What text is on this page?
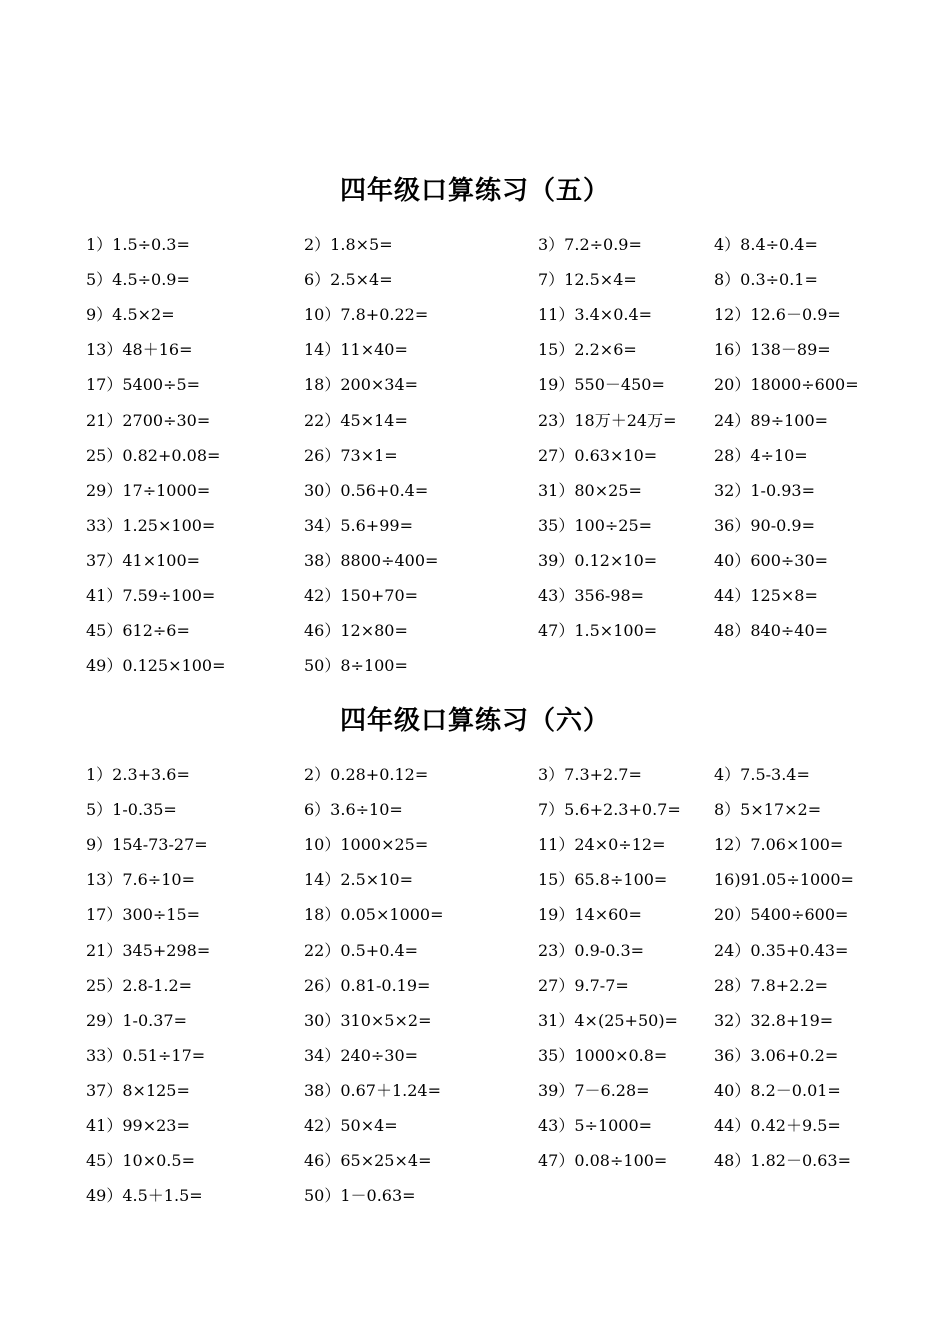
四年级口算练习（五）
1）1.5÷0.3=	2）1.8×5=	3）7.2÷0.9=	4）8.4÷0.4=
5）4.5÷0.9=	6）2.5×4=	7）12.5×4=	8）0.3÷0.1=
9）4.5×2=	10）7.8+0.22=	11）3.4×0.4=	12）12.6－0.9=
13）48＋16=	14）11×40=	15）2.2×6=	16）138－89=
17）5400÷5=	18）200×34=	19）550－450=	20）18000÷600=
21）2700÷30=	22）45×14=	23）18万＋24万= 24）89÷100=
25）0.82+0.08=	26）73×1=	27）0.63×10=	28）4÷10=
29）17÷1000=	30）0.56+0.4=	31）80×25=	32）1-0.93=
33）1.25×100=	34）5.6+99=	35）100÷25=	36）90-0.9=
37）41×100=	38）8800÷400=	39）0.12×10=	40）600÷30=
41）7.59÷100=	42）150+70=	43）356-98=	44）125×8=
45）612÷6=	46）12×80=	47）1.5×100=	48）840÷40=
49）0.125×100=	50）8÷100=
四年级口算练习（六）
1）2.3+3.6=	2）0.28+0.12=	3）7.3+2.7=	4）7.5-3.4=
5）1-0.35=	6）3.6÷10=	7）5.6+2.3+0.7= 8）5×17×2=
9）154-73-27=	10）1000×25=	11）24×0÷12=	12）7.06×100=
13）7.6÷10=	14）2.5×10=	15）65.8÷100=	16)91.05÷1000=
17）300÷15=	18）0.05×1000=	19）14×60=	20）5400÷600=
21）345+298=	22）0.5+0.4=	23）0.9-0.3=	24）0.35+0.43=
25）2.8-1.2=	26）0.81-0.19=	27）9.7-7=	28）7.8+2.2=
29）1-0.37=	30）310×5×2=	31）4×(25+50)= 32）32.8+19=
33）0.51÷17=	34）240÷30=	35）1000×0.8=	36）3.06+0.2=
37）8×125=	38）0.67＋1.24=	39）7－6.28=	40）8.2－0.01=
41）99×23=	42）50×4=	43）5÷1000=	44）0.42＋9.5=
45）10×0.5=	46）65×25×4=	47）0.08÷100=	48）1.82－0.63=
49）4.5＋1.5=	50）1－0.63=
